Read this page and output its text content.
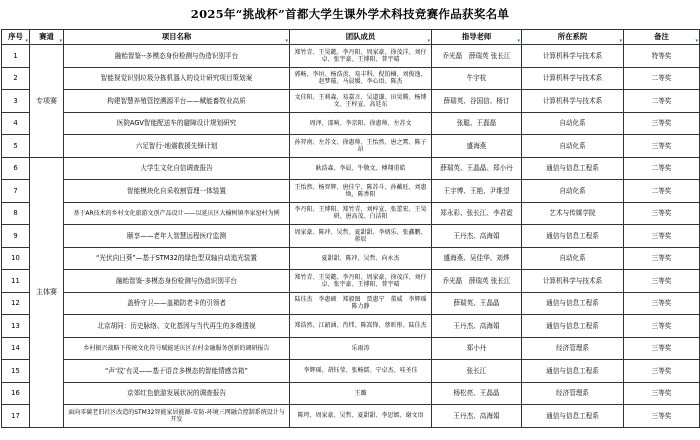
2025年“挑战杯”首都大学生课外学术科技竞赛作品获奖名单
序号 ▾	赛道 ▾	项目名称 ▾	团队成员 ▾	指导老师 ▾	所在系院 ▾	备注 ▾

1	专项赛	融贻智鉴--多模态身份检测与伪造识别平台	郑竹青、王昊懿、李丹阳、周家豪、徐茂洋、刘仔卓、张宇豪、王博阳、普宇晴	乔光磊　薛瑞英 张长江	计算机科学与技术系	特等奖
2		智能视觉识别垃圾分拣机器人的设计研究项目策划案	郭畅、李垣、杨浩羡、易丰科、倪铂楠、刘俊逸、赵梦璇、马晨媛、李心语、陈杰	牛宇杭	计算机科学与技术系	二等奖
3		构建智慧养殖管控溯源平台——赋能畜牧业高质	文佳阳、王莉森、易嘉言、吴道谦、田昊腾、杨博文、王梓宣、高廷东	薛瑞英、谷国信、杨订	计算机科学与技术系	二等奖
4		医院AGV智能配送车的避障设计规划研究	周泽、邵响、李京阳、徐惠帅、左苏文	张聪、王磊磊	自动化系	三等奖
5		六足智行-地震救援先锋计划	孙羿南、左苏文、徐惠帅、王怡然、唐之霄、陈子昂	盛海燕	自动化系	三等奖
6	主体赛	大学生文化自信调查报告	耿浩森、李晨、牛敬文、傅翔重皓	薛瑞英、王晶晶、郑小丹	通信与信息工程系	二等奖
7		智能模块化自采收割管理一体装置	王怡然、杨智辉、唐佳宁、陈苏斗、孙戴旺、刘惠焕、陈香阳	王宇博、王艳、尹维望	自动化系	二等奖
8		基于AR技术的乡村文化旅游文创产品设计——以延庆区大榆树镇李家窑村为例	李丹阳、王博阳、郑竹青、刘梓宣、张蕾宏、王昊研、唐高茂、白洁阳	郑永彩、张长江、李君霓	艺术与传媒学院	三等奖
9		颐享——老年人智慧远程医疗监测	周家豪、陈冲、吴哲、夏甜甜、李炳乐、张鑫鹏、蒋辰	王丹杰、高海娟	通信与信息工程系	三等奖
10		“光伏向日葵”—基于STM32的绿色型双轴自动追光装置	夏甜甜、陈冲、吴哲、向永杰	盛海燕、吴佳华、刘烨	自动化系	三等奖
11		融贻智鉴-多模态身份检测与伪造识别平台	郑竹青、王昊懿、李丹阳、周家豪、徐茂洋、刘仔卓、张宇豪、王博阳、普宇晴	乔光磊　薛瑞英 张长江	计算机科学与技术系	三等奖
12		盖桥守卫——盖箱防老卡的引领者	陆佳杰　李惠硕　郑毅图　贾惠宁　董威　李辉瑶　陈力静	薛瑞英、王晶晶	通信与信息工程系	三等奖
13		北京胡同：历史脉络、文化基因与当代再生的多维透视	郑浩然、江韶涵、肖炜、陈嵩锋、蔡昕彤、陆佳杰	王丹杰、高海娟	通信与信息工程系	三等奖
14		乡村振兴战略下传统文化符号赋能延庆区农村金融服务创新的调研报告	乐雨涛	郑小丹	经济管理系	三等奖
15		“声‘纹’有灵——基于语音多模态的智能情感音箱”	李辉瑶、胡钰莹、张畅儒、宁卓杰、哇圣佳	张长江	通信与信息工程系	三等奖
16		京郊红色旅游发展状况的调查报告	王璐	杨松亮、王晶晶	经济管理系	三等奖
17		面向零碳老旧社区改造的STM32智能家居能源-安防-环境三网融合控制系统设计与开发	陈垮、周家豪、吴哲、夏甜甜、李思嫣、谢文语	王丹杰、高海娟	通信与信息工程系	三等奖
